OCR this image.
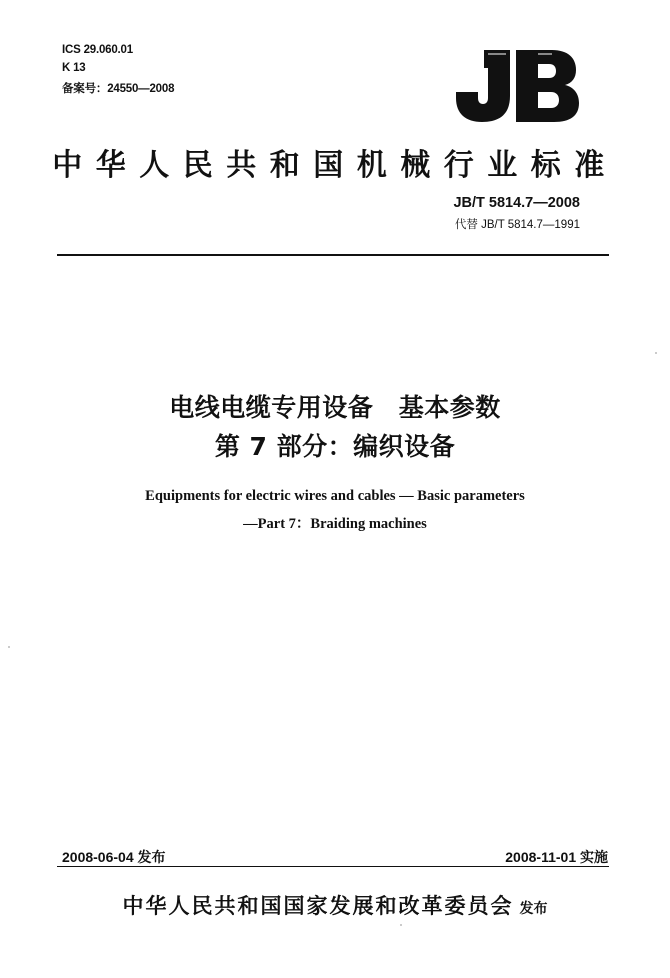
ICS 29.060.01
K 13
备案号：24550—2008
中华人民共和国机械行业标准
JB/T 5814.7—2008
代替 JB/T 5814.7—1991
电线电缆专用设备　基本参数
第 7 部分：编织设备
Equipments for electric wires and cables — Basic parameters
—Part 7：Braiding machines
2008-06-04 发布	2008-11-01 实施
中华人民共和国国家发展和改革委员会 发布
